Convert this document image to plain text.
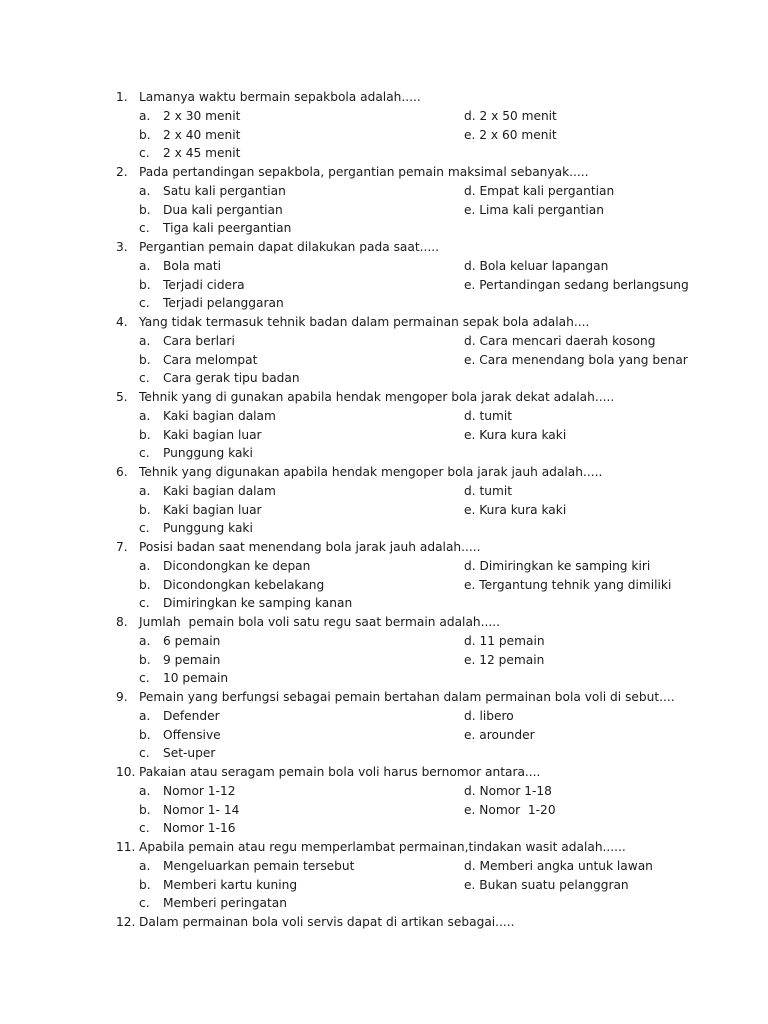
1. Lamanya waktu bermain sepakbola adalah.....
a. 2 x 30 menit	d. 2 x 50 menit
b. 2 x 40 menit	e. 2 x 60 menit
c. 2 x 45 menit
2. Pada pertandingan sepakbola, pergantian pemain maksimal sebanyak.....
a. Satu kali pergantian	d. Empat kali pergantian
b. Dua kali pergantian	e. Lima kali pergantian
c. Tiga kali peergantian
3. Pergantian pemain dapat dilakukan pada saat.....
a. Bola mati	d. Bola keluar lapangan
b. Terjadi cidera	e. Pertandingan sedang berlangsung
c. Terjadi pelanggaran
4. Yang tidak termasuk tehnik badan dalam permainan sepak bola adalah....
a. Cara berlari	d. Cara mencari daerah kosong
b. Cara melompat	e. Cara menendang bola yang benar
c. Cara gerak tipu badan
5. Tehnik yang di gunakan apabila hendak mengoper bola jarak dekat adalah.....
a. Kaki bagian dalam	d. tumit
b. Kaki bagian luar	e. Kura kura kaki
c. Punggung kaki
6. Tehnik yang digunakan apabila hendak mengoper bola jarak jauh adalah.....
a. Kaki bagian dalam	d. tumit
b. Kaki bagian luar	e. Kura kura kaki
c. Punggung kaki
7. Posisi badan saat menendang bola jarak jauh adalah.....
a. Dicondongkan ke depan	d. Dimiringkan ke samping kiri
b. Dicondongkan kebelakang	e. Tergantung tehnik yang dimiliki
c. Dimiringkan ke samping kanan
8. Jumlah  pemain bola voli satu regu saat bermain adalah.....
a. 6 pemain	d. 11 pemain
b. 9 pemain	e. 12 pemain
c. 10 pemain
9. Pemain yang berfungsi sebagai pemain bertahan dalam permainan bola voli di sebut....
a. Defender	d. libero
b. Offensive	e. arounder
c. Set-uper
10. Pakaian atau seragam pemain bola voli harus bernomor antara....
a. Nomor 1-12	d. Nomor 1-18
b. Nomor 1- 14	e. Nomor  1-20
c. Nomor 1-16
11. Apabila pemain atau regu memperlambat permainan,tindakan wasit adalah......
a. Mengeluarkan pemain tersebut	d. Memberi angka untuk lawan
b. Memberi kartu kuning	e. Bukan suatu pelanggran
c. Memberi peringatan
12. Dalam permainan bola voli servis dapat di artikan sebagai.....
